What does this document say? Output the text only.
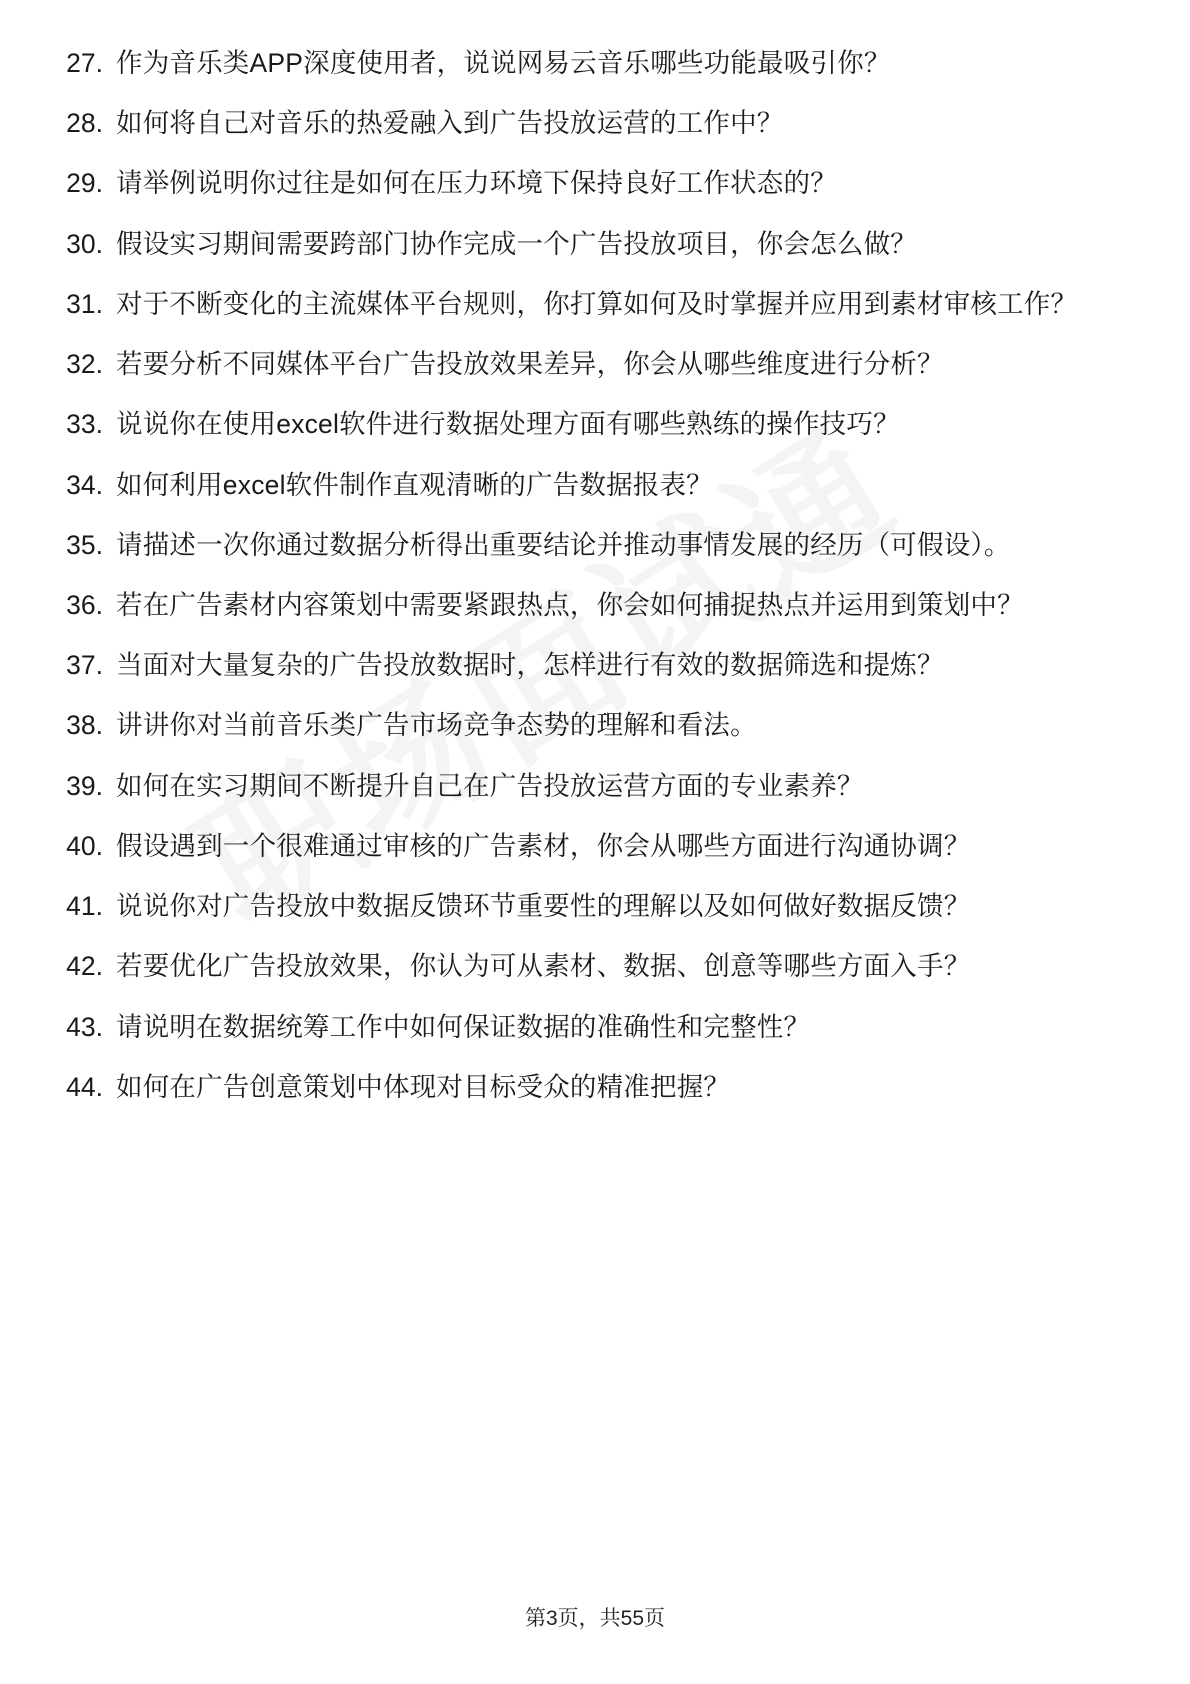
27. 作为音乐类APP深度使用者，说说网易云音乐哪些功能最吸引你？
28. 如何将自己对音乐的热爱融入到广告投放运营的工作中？
29. 请举例说明你过往是如何在压力环境下保持良好工作状态的？
30. 假设实习期间需要跨部门协作完成一个广告投放项目，你会怎么做？
31. 对于不断变化的主流媒体平台规则，你打算如何及时掌握并应用到素材审核工作？
32. 若要分析不同媒体平台广告投放效果差异，你会从哪些维度进行分析？
33. 说说你在使用excel软件进行数据处理方面有哪些熟练的操作技巧？
34. 如何利用excel软件制作直观清晰的广告数据报表？
35. 请描述一次你通过数据分析得出重要结论并推动事情发展的经历（可假设）。
36. 若在广告素材内容策划中需要紧跟热点，你会如何捕捉热点并运用到策划中？
37. 当面对大量复杂的广告投放数据时，怎样进行有效的数据筛选和提炼？
38. 讲讲你对当前音乐类广告市场竞争态势的理解和看法。
39. 如何在实习期间不断提升自己在广告投放运营方面的专业素养？
40. 假设遇到一个很难通过审核的广告素材，你会从哪些方面进行沟通协调？
41. 说说你对广告投放中数据反馈环节重要性的理解以及如何做好数据反馈？
42. 若要优化广告投放效果，你认为可从素材、数据、创意等哪些方面入手？
43. 请说明在数据统筹工作中如何保证数据的准确性和完整性？
44. 如何在广告创意策划中体现对目标受众的精准把握？
第3页，共55页
